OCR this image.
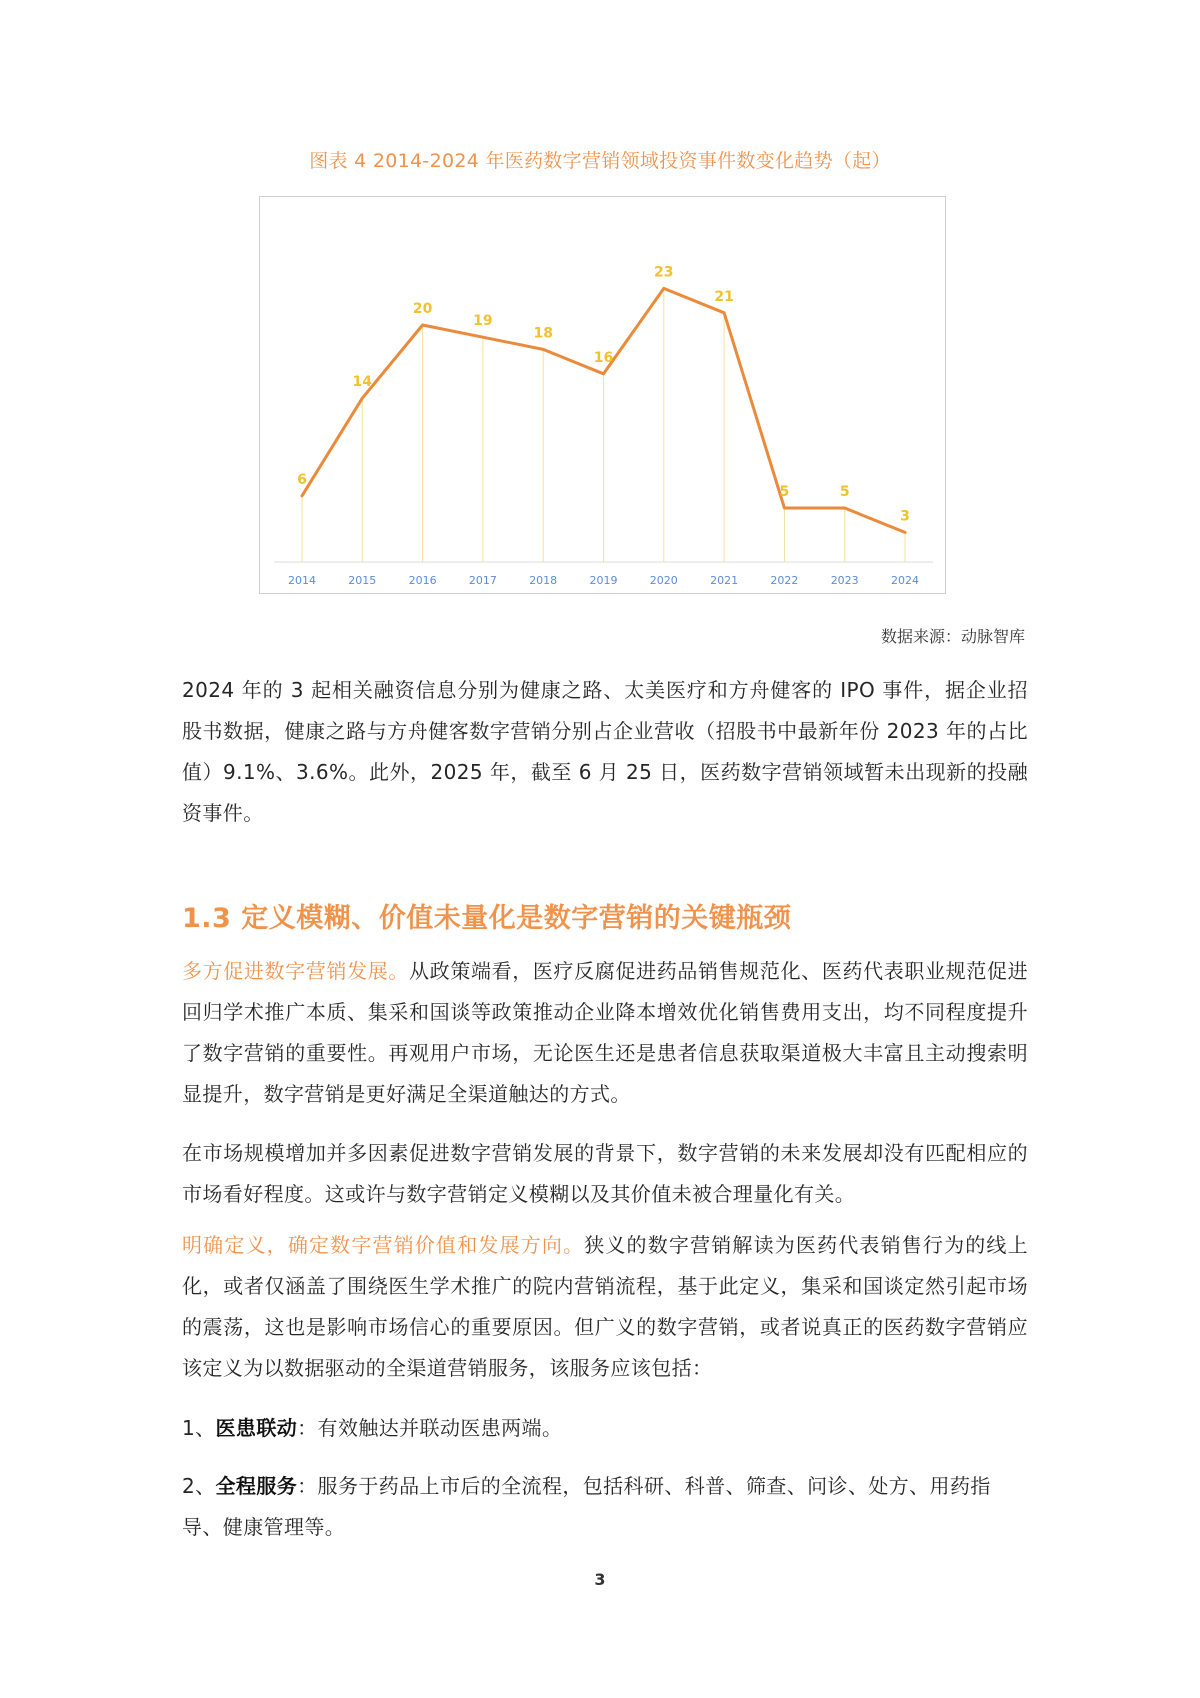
图表 4 2014-2024 年医药数字营销领域投资事件数变化趋势（起）
6
14
20
19
18
16
23
21
5	5
3
2014	2015	2016	2017	2018	2019	2020	2021	2022	2023	2024
数据来源：动脉智库

2024 年的 3 起相关融资信息分别为健康之路、太美医疗和方舟健客的 IPO 事件，据企业招股书数据，健康之路与方舟健客数字营销分别占企业营收（招股书中最新年份 2023 年的占比值）9.1%、3.6%。此外，2025 年，截至 6 月 25 日，医药数字营销领域暂未出现新的投融资事件。

1.3 定义模糊、价值未量化是数字营销的关键瓶颈

多方促进数字营销发展。从政策端看，医疗反腐促进药品销售规范化、医药代表职业规范促进回归学术推广本质、集采和国谈等政策推动企业降本增效优化销售费用支出，均不同程度提升了数字营销的重要性。再观用户市场，无论医生还是患者信息获取渠道极大丰富且主动搜索明显提升，数字营销是更好满足全渠道触达的方式。

在市场规模增加并多因素促进数字营销发展的背景下，数字营销的未来发展却没有匹配相应的市场看好程度。这或许与数字营销定义模糊以及其价值未被合理量化有关。

明确定义，确定数字营销价值和发展方向。狭义的数字营销解读为医药代表销售行为的线上化，或者仅涵盖了围绕医生学术推广的院内营销流程，基于此定义，集采和国谈定然引起市场的震荡，这也是影响市场信心的重要原因。但广义的数字营销，或者说真正的医药数字营销应该定义为以数据驱动的全渠道营销服务，该服务应该包括：

1、医患联动：有效触达并联动医患两端。

2、全程服务：服务于药品上市后的全流程，包括科研、科普、筛查、问诊、处方、用药指导、健康管理等。

3
